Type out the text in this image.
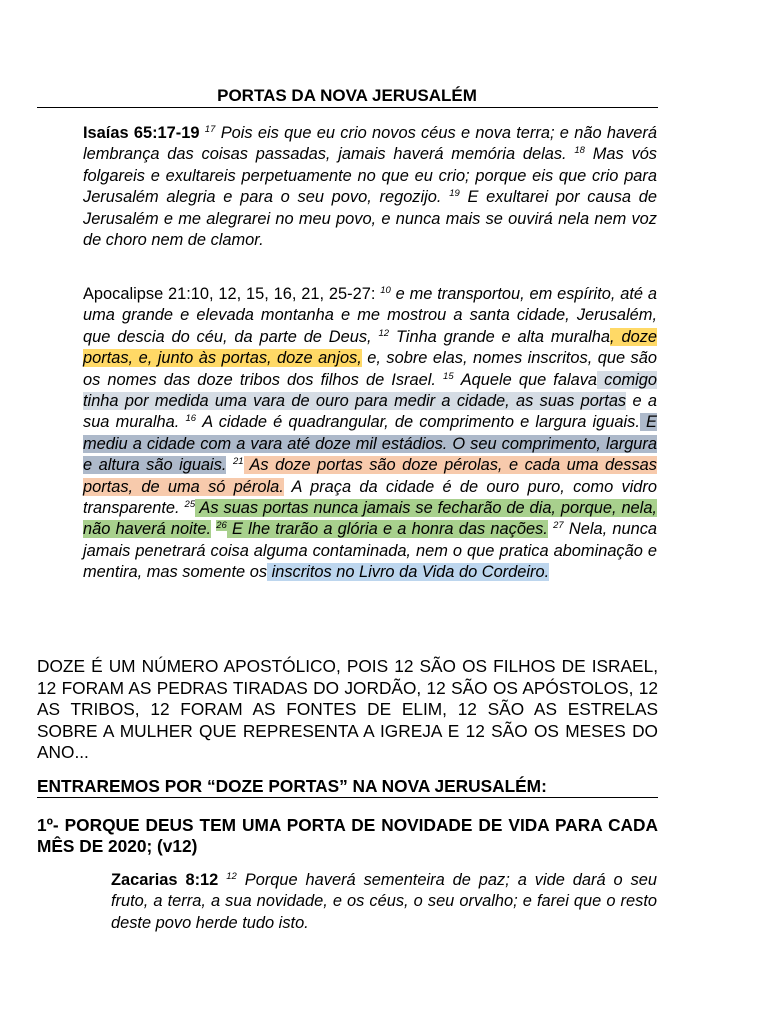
PORTAS DA NOVA JERUSALÉM
Isaías 65:17-19 $^{17}$ Pois eis que eu crio novos céus e nova terra; e não haverá lembrança das coisas passadas, jamais haverá memória delas. $^{18}$ Mas vós folgareis e exultareis perpetuamente no que eu crio; porque eis que crio para Jerusalém alegria e para o seu povo, regozijo. $^{19}$ E exultarei por causa de Jerusalém e me alegrarei no meu povo, e nunca mais se ouvirá nela nem voz de choro nem de clamor.
Apocalipse 21:10, 12, 15, 16, 21, 25-27: $^{10}$ e me transportou, em espírito, até a uma grande e elevada montanha e me mostrou a santa cidade, Jerusalém, que descia do céu, da parte de Deus, $^{12}$ Tinha grande e alta muralha, doze portas, e, junto às portas, doze anjos, e, sobre elas, nomes inscritos, que são os nomes das doze tribos dos filhos de Israel. $^{15}$ Aquele que falava comigo tinha por medida uma vara de ouro para medir a cidade, as suas portas e a sua muralha. $^{16}$ A cidade é quadrangular, de comprimento e largura iguais. E mediu a cidade com a vara até doze mil estádios. O seu comprimento, largura e altura são iguais. $^{21}$ As doze portas são doze pérolas, e cada uma dessas portas, de uma só pérola. A praça da cidade é de ouro puro, como vidro transparente. $^{25}$ As suas portas nunca jamais se fecharão de dia, porque, nela, não haverá noite. $^{26}$ E lhe trarão a glória e a honra das nações. $^{27}$ Nela, nunca jamais penetrará coisa alguma contaminada, nem o que pratica abominação e mentira, mas somente os inscritos no Livro da Vida do Cordeiro.
DOZE É UM NÚMERO APOSTÓLICO, POIS 12 SÃO OS FILHOS DE ISRAEL, 12 FORAM AS PEDRAS TIRADAS DO JORDÃO, 12 SÃO OS APÓSTOLOS, 12 AS TRIBOS, 12 FORAM AS FONTES DE ELIM, 12 SÃO AS ESTRELAS SOBRE A MULHER QUE REPRESENTA A IGREJA E 12 SÃO OS MESES DO ANO...
ENTRAREMOS POR “DOZE PORTAS” NA NOVA JERUSALÉM:
1º- PORQUE DEUS TEM UMA PORTA DE NOVIDADE DE VIDA PARA CADA MÊS DE 2020; (v12)
Zacarias 8:12 $^{12}$ Porque haverá sementeira de paz; a vide dará o seu fruto, a terra, a sua novidade, e os céus, o seu orvalho; e farei que o resto deste povo herde tudo isto.
